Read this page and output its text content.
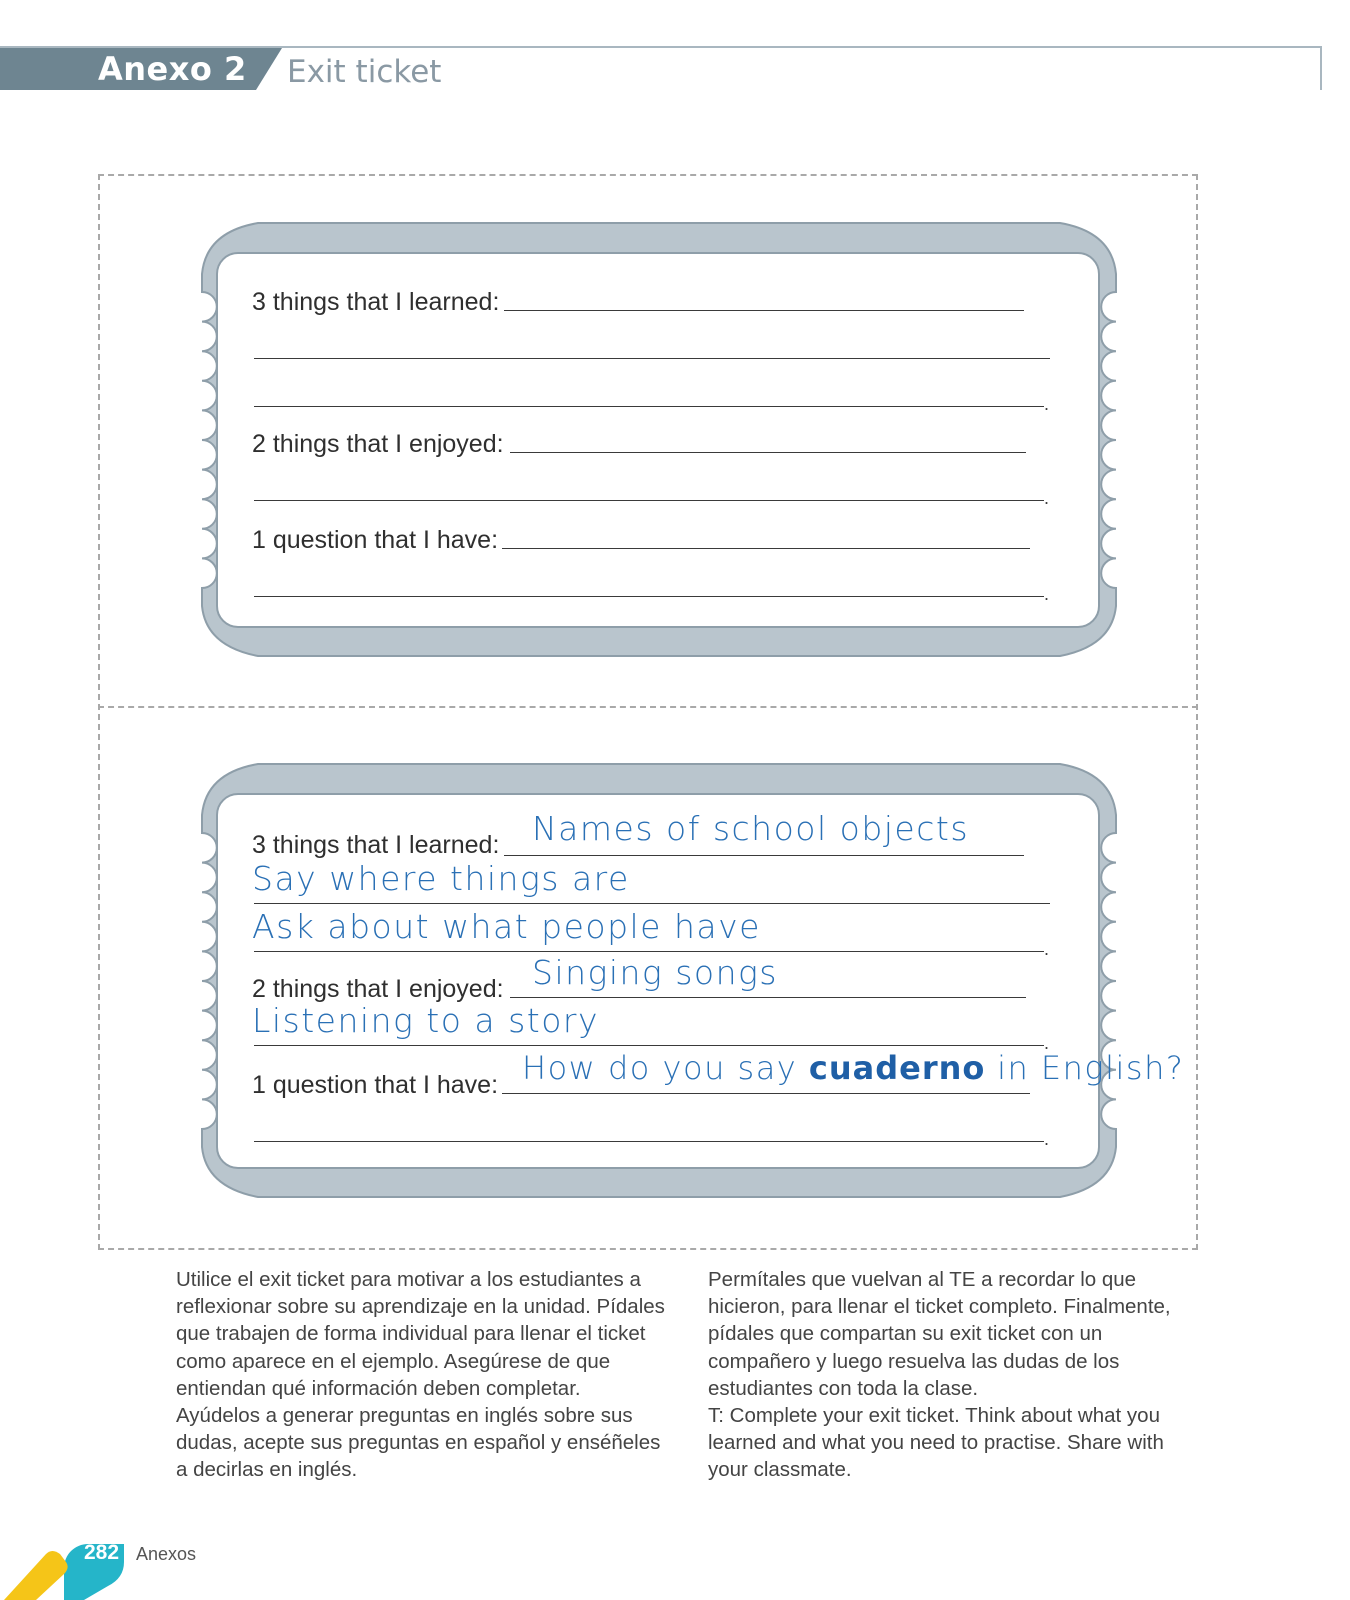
Anexo 2 Exit ticket
3 things that I learned:
.
2 things that I enjoyed:
.
1 question that I have:
.
3 things that I learned: Names of school objects
Say where things are
Ask about what people have
.
2 things that I enjoyed: Singing songs
Listening to a story
.
1 question that I have: How do you say cuaderno in English?
.

Utilice el exit ticket para motivar a los estudiantes a reflexionar sobre su aprendizaje en la unidad. Pídales que trabajen de forma individual para llenar el ticket como aparece en el ejemplo. Asegúrese de que entiendan qué información deben completar. Ayúdelos a generar preguntas en inglés sobre sus dudas, acepte sus preguntas en español y enséñeles a decirlas en inglés.

Permítales que vuelvan al TE a recordar lo que hicieron, para llenar el ticket completo. Finalmente, pídales que compartan su exit ticket con un compañero y luego resuelva las dudas de los estudiantes con toda la clase.

T: Complete your exit ticket. Think about what you learned and what you need to practise. Share with your classmate.

282 Anexos
